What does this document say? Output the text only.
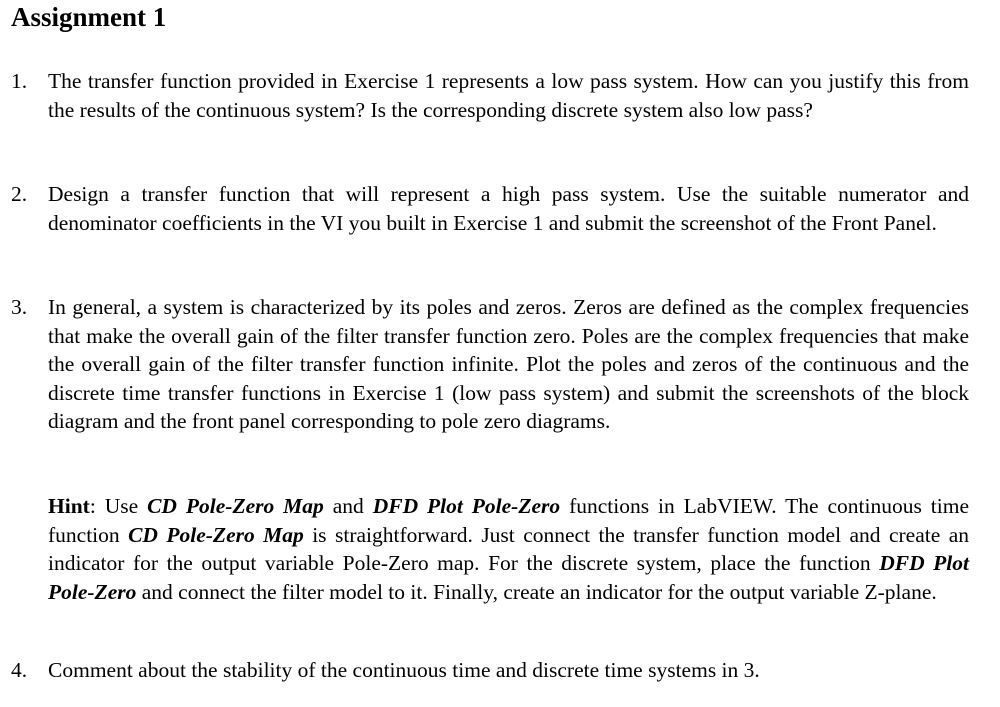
Assignment 1
1. The transfer function provided in Exercise 1 represents a low pass system. How can you justify this from the results of the continuous system? Is the corresponding discrete system also low pass?
2. Design a transfer function that will represent a high pass system. Use the suitable numerator and denominator coefficients in the VI you built in Exercise 1 and submit the screenshot of the Front Panel.
3. In general, a system is characterized by its poles and zeros. Zeros are defined as the complex frequencies that make the overall gain of the filter transfer function zero. Poles are the complex frequencies that make the overall gain of the filter transfer function infinite. Plot the poles and zeros of the continuous and the discrete time transfer functions in Exercise 1 (low pass system) and submit the screenshots of the block diagram and the front panel corresponding to pole zero diagrams.
Hint: Use CD Pole-Zero Map and DFD Plot Pole-Zero functions in LabVIEW. The continuous time function CD Pole-Zero Map is straightforward. Just connect the transfer function model and create an indicator for the output variable Pole-Zero map. For the discrete system, place the function DFD Plot Pole-Zero and connect the filter model to it. Finally, create an indicator for the output variable Z-plane.
4. Comment about the stability of the continuous time and discrete time systems in 3.
